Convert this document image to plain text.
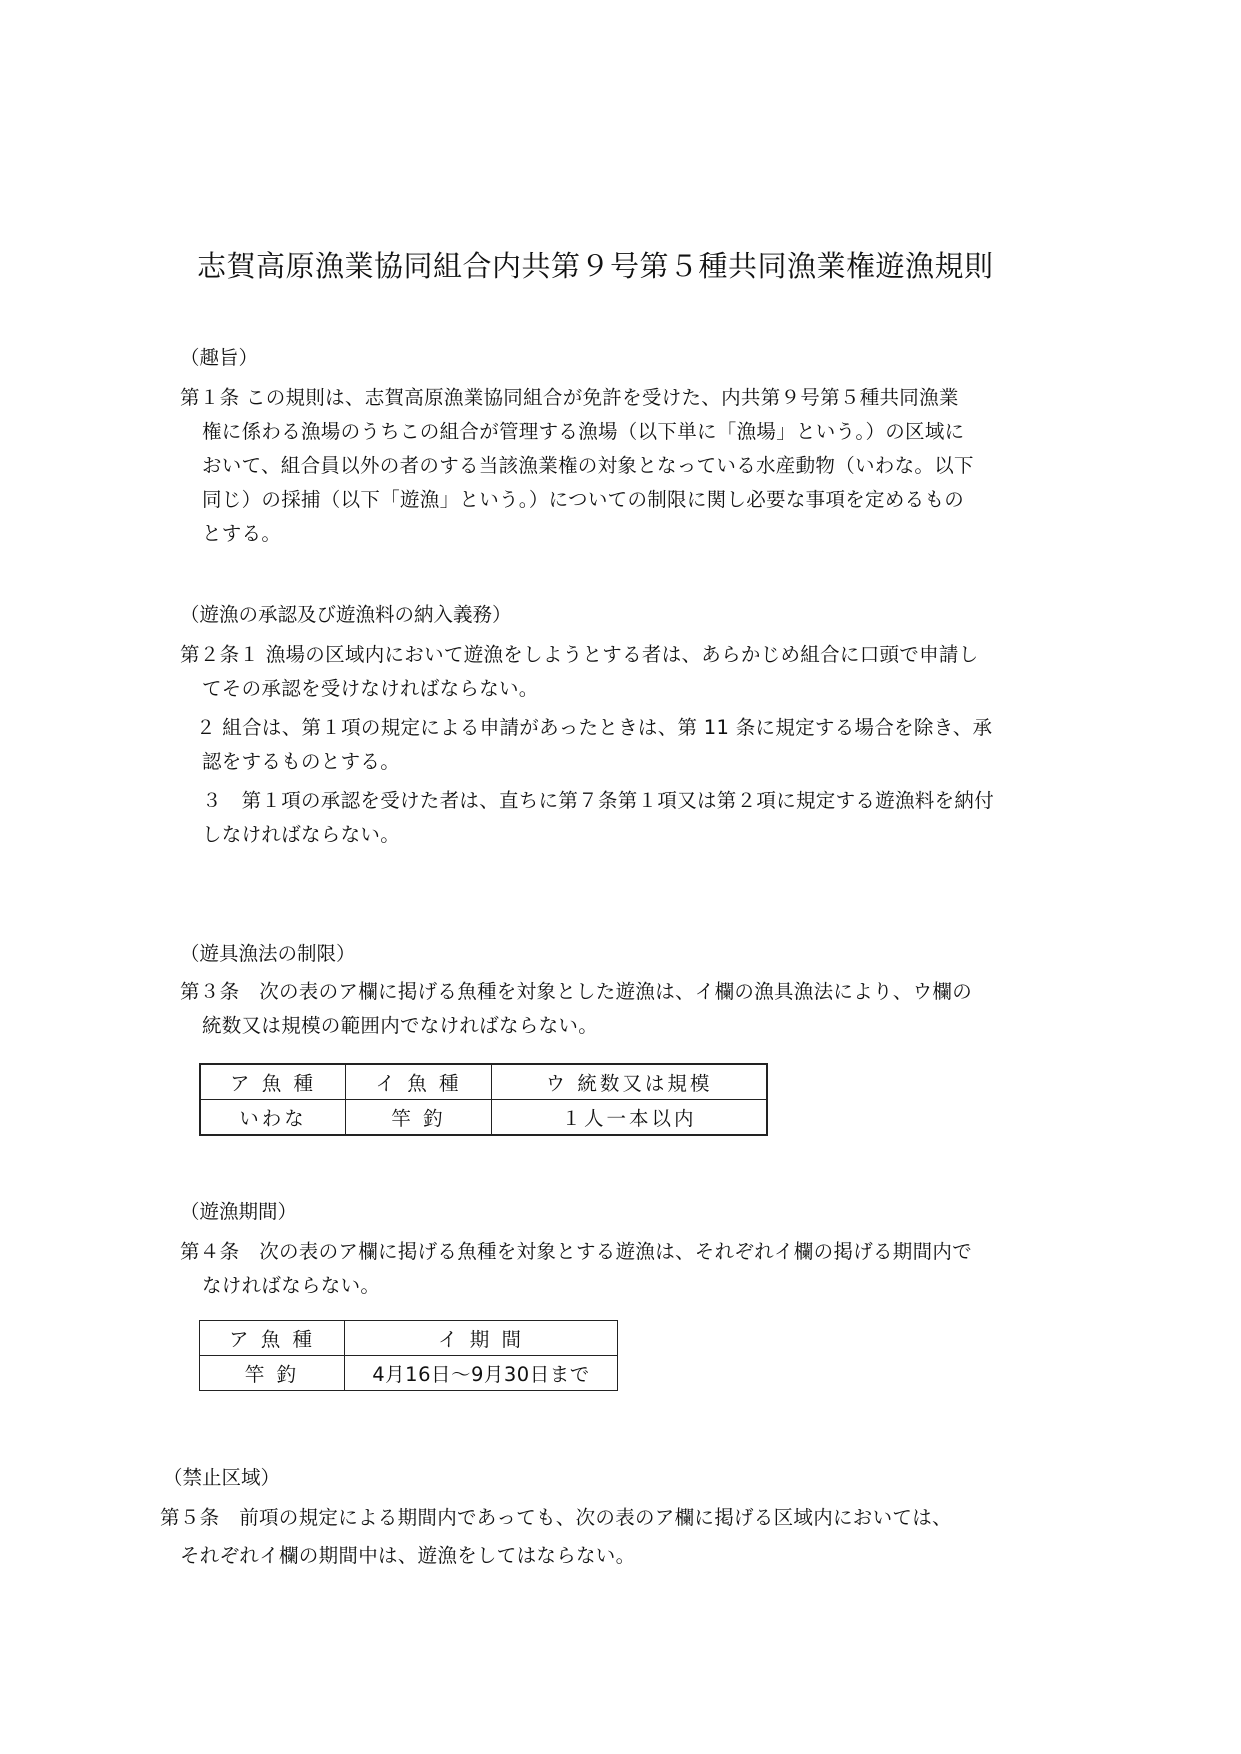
志賀高原漁業協同組合内共第９号第５種共同漁業権遊漁規則
（趣旨）
第１条 この規則は、志賀高原漁業協同組合が免許を受けた、内共第９号第５種共同漁業
権に係わる漁場のうちこの組合が管理する漁場（以下単に「漁場」という。）の区域に
おいて、組合員以外の者のする当該漁業権の対象となっている水産動物（いわな。以下
同じ）の採捕（以下「遊漁」という。）についての制限に関し必要な事項を定めるもの
とする。
（遊漁の承認及び遊漁料の納入義務）
第２条１ 漁場の区域内において遊漁をしようとする者は、あらかじめ組合に口頭で申請し
てその承認を受けなければならない。
２ 組合は、第１項の規定による申請があったときは、第 11 条に規定する場合を除き、承
認をするものとする。
３　第１項の承認を受けた者は、直ちに第７条第１項又は第２項に規定する遊漁料を納付
しなければならない。
（遊具漁法の制限）
第３条　次の表のア欄に掲げる魚種を対象とした遊漁は、イ欄の漁具漁法により、ウ欄の
統数又は規模の範囲内でなければならない。
ア 魚 種	イ 魚 種	ウ 統数又は規模
いわな	竿 釣	１人一本以内
（遊漁期間）
第４条　次の表のア欄に掲げる魚種を対象とする遊漁は、それぞれイ欄の掲げる期間内で
なければならない。
ア 魚 種	イ 期 間
竿 釣	4月16日～9月30日まで
（禁止区域）
第５条　前項の規定による期間内であっても、次の表のア欄に掲げる区域内においては、
それぞれイ欄の期間中は、遊漁をしてはならない。
